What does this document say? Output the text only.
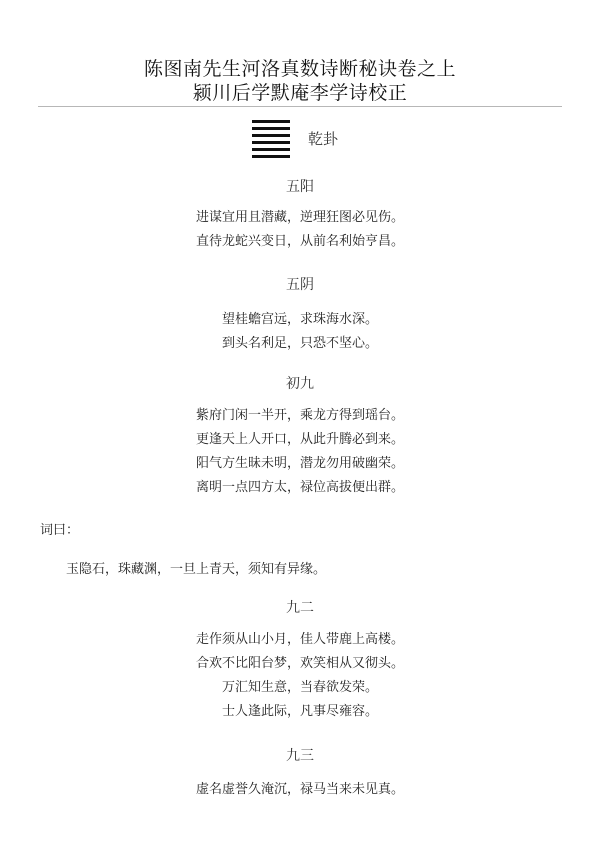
陈图南先生河洛真数诗断秘诀卷之上
颍川后学默庵李学诗校正
乾卦
五阳
进谋宜用且潜藏，逆理狂图必见伤。
直待龙蛇兴变日，从前名利始亨昌。
五阴
望桂蟾宫远，求珠海水深。
到头名利足，只恐不坚心。
初九
紫府门闲一半开，乘龙方得到瑶台。
更逢天上人开口，从此升腾必到来。
阳气方生昧未明，潜龙勿用破幽荣。
离明一点四方太，禄位高拔便出群。
词曰：
玉隐石，珠藏渊，一旦上青天，须知有异缘。
九二
走作须从山小月，佳人带鹿上高楼。
合欢不比阳台梦，欢笑相从又彻头。
万汇知生意，当春欲发荣。
士人逢此际，凡事尽雍容。
九三
虚名虚誉久淹沉，禄马当来未见真。
